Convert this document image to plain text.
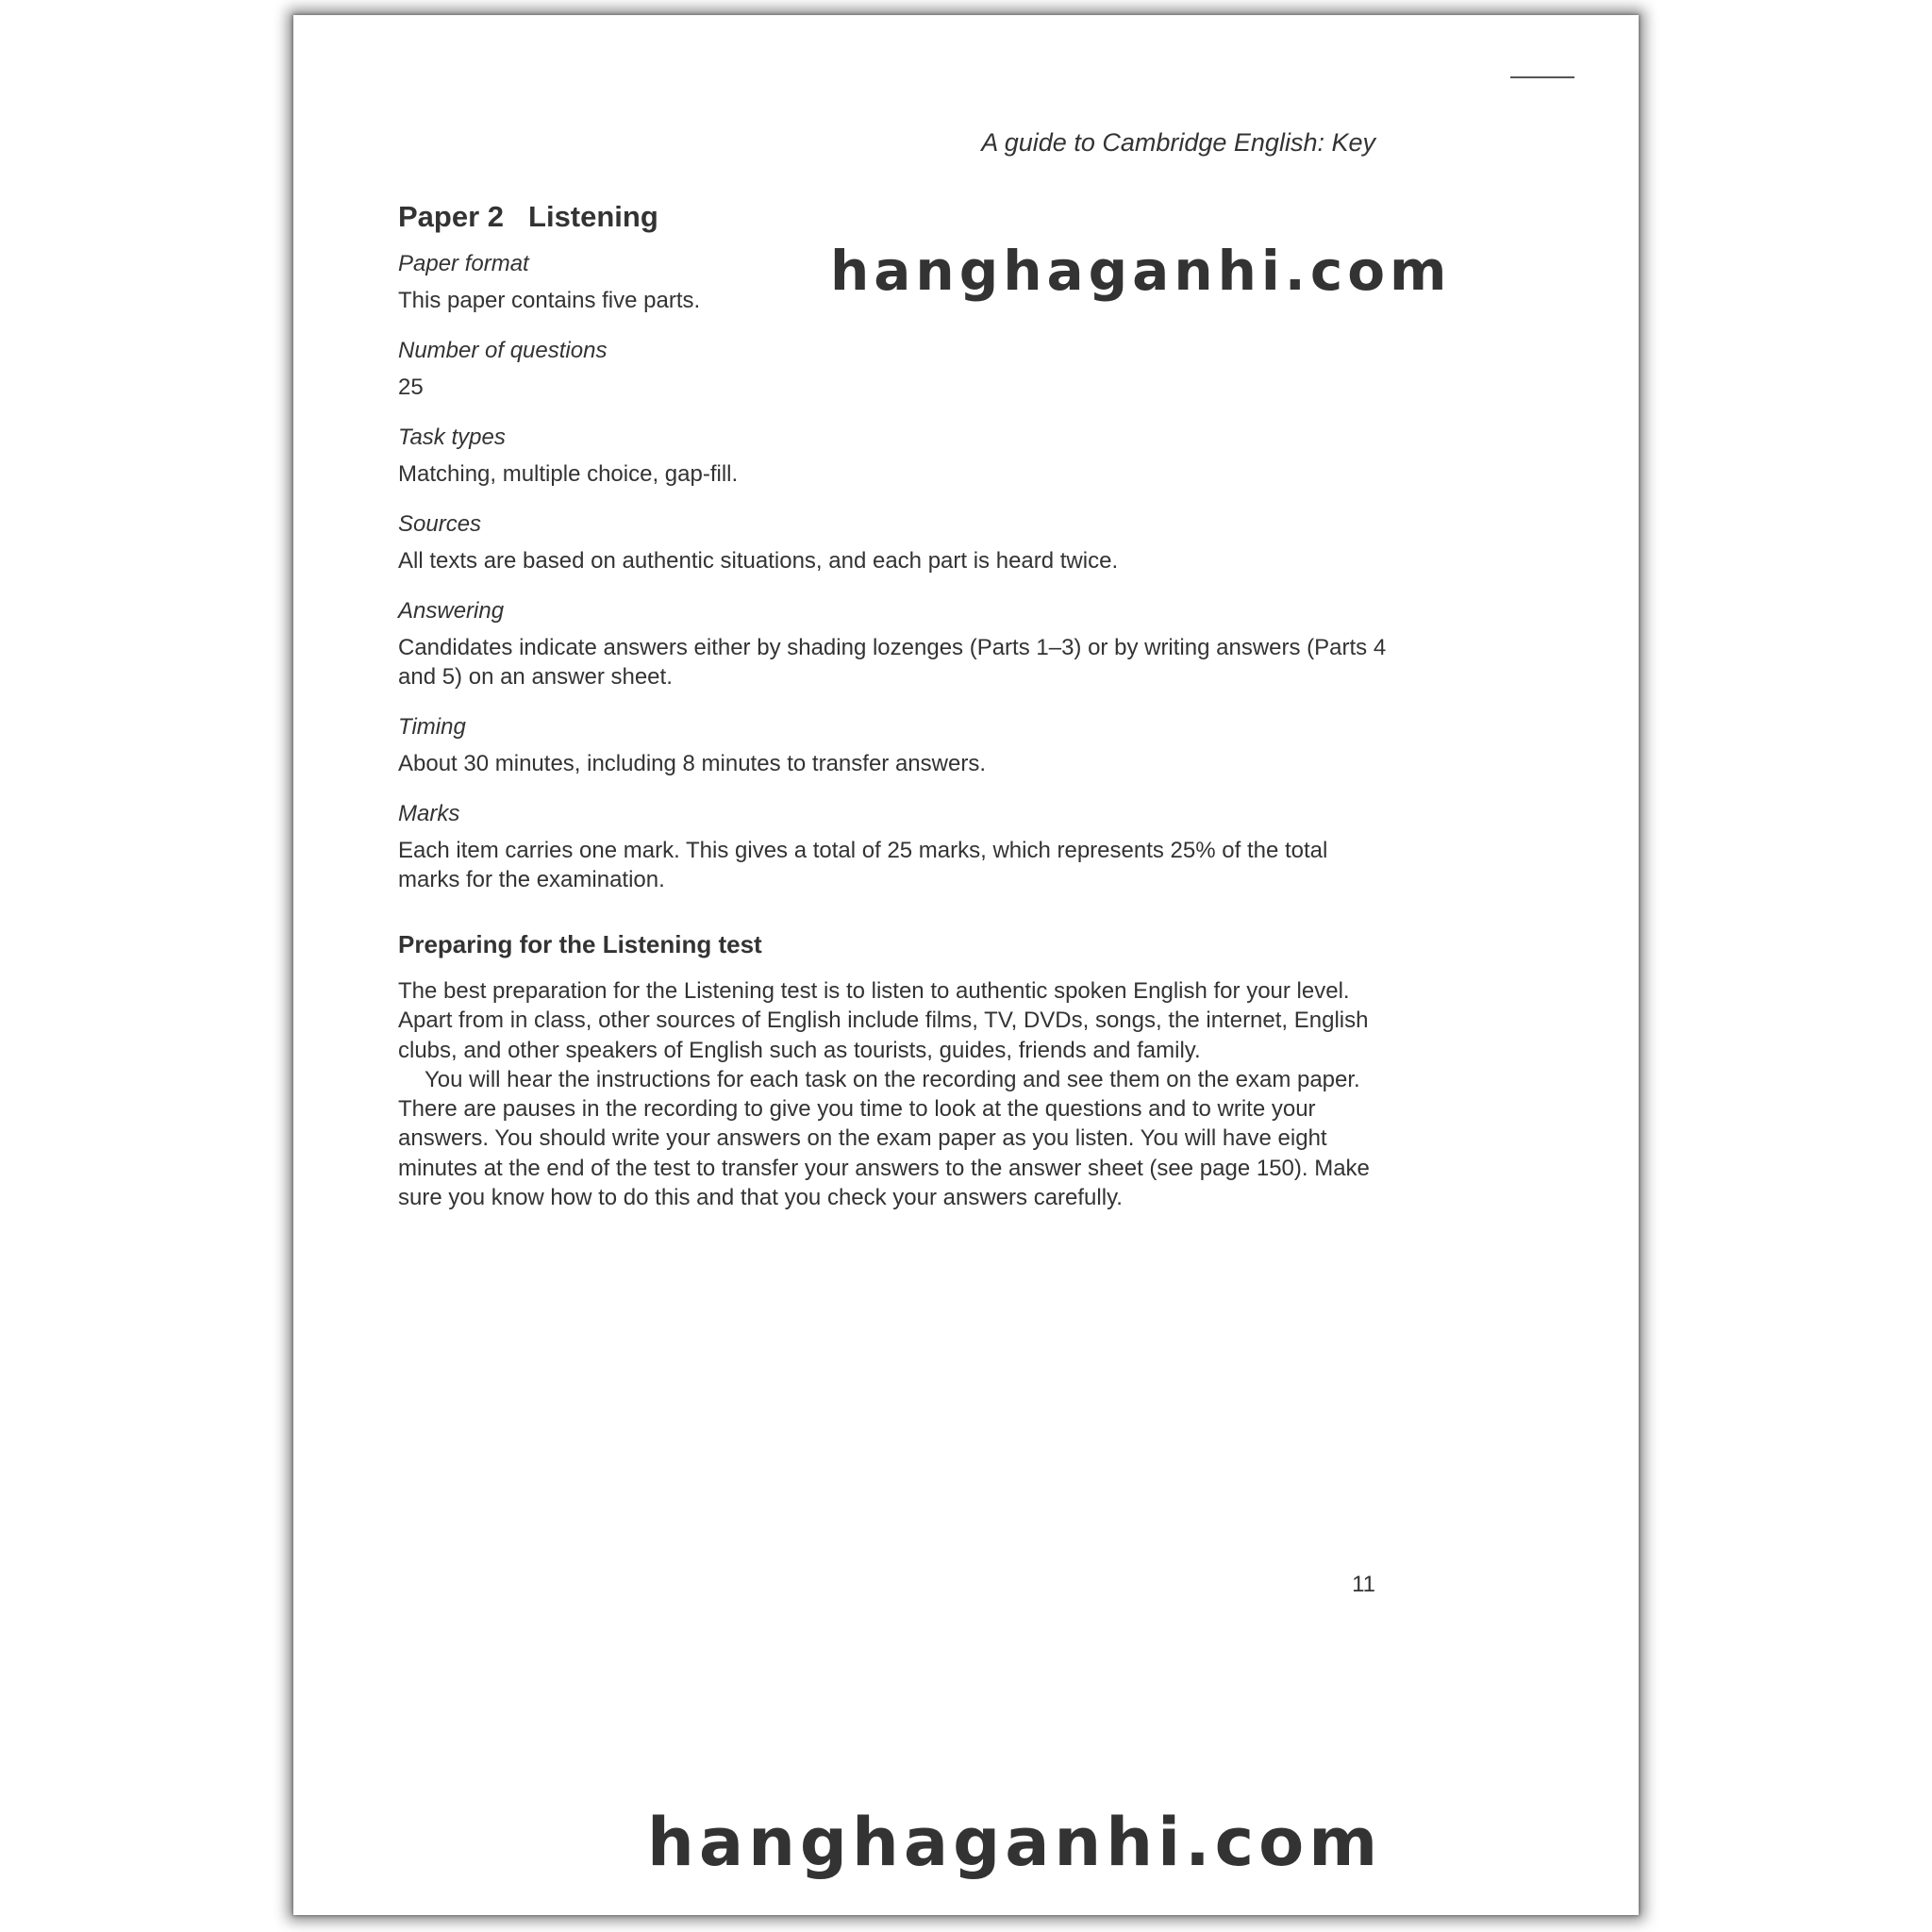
A guide to Cambridge English: Key
Paper 2 Listening

Paper format

This paper contains five parts.

Number of questions

25

Task types

Matching, multiple choice, gap-fill.

Sources

All texts are based on authentic situations, and each part is heard twice.

Answering

Candidates indicate answers either by shading lozenges (Parts 1–3) or by writing answers (Parts 4 and 5) on an answer sheet.

Timing

About 30 minutes, including 8 minutes to transfer answers.

Marks

Each item carries one mark. This gives a total of 25 marks, which represents 25% of the total marks for the examination.

Preparing for the Listening test

The best preparation for the Listening test is to listen to authentic spoken English for your level. Apart from in class, other sources of English include films, TV, DVDs, songs, the internet, English clubs, and other speakers of English such as tourists, guides, friends and family.

You will hear the instructions for each task on the recording and see them on the exam paper. There are pauses in the recording to give you time to look at the questions and to write your answers. You should write your answers on the exam paper as you listen. You will have eight minutes at the end of the test to transfer your answers to the answer sheet (see page 150). Make sure you know how to do this and that you check your answers carefully.

11
hanghaganhi.com
hanghaganhi.com
